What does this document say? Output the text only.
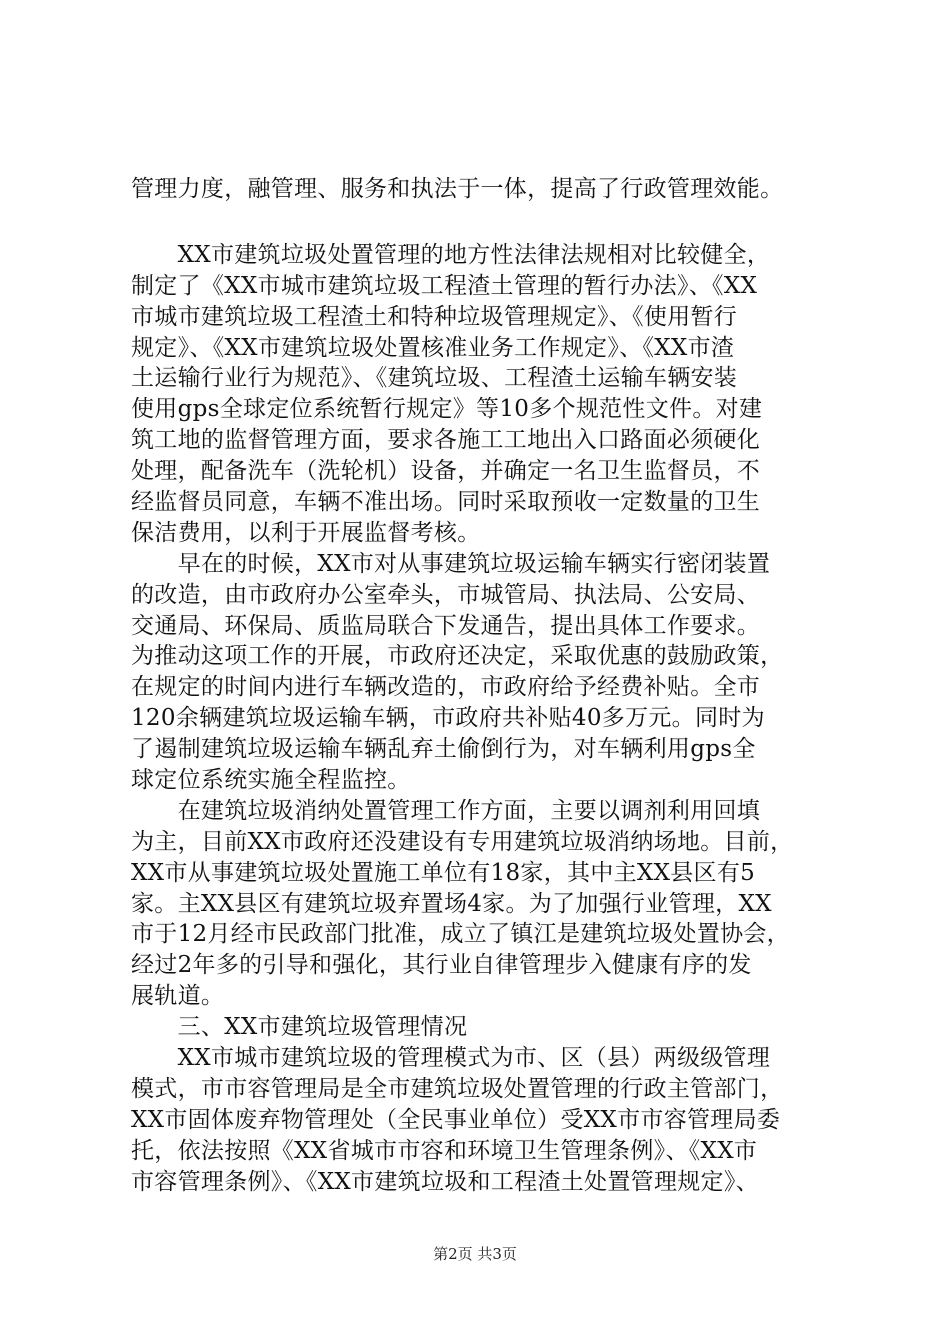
管理力度，融管理、服务和执法于一体，提高了行政管理效能。

　　XX市建筑垃圾处置管理的地方性法律法规相对比较健全，
制定了《XX市城市建筑垃圾工程渣土管理的暂行办法》、《XX
市城市建筑垃圾工程渣土和特种垃圾管理规定》、《使用暂行
规定》、《XX市建筑垃圾处置核准业务工作规定》、《XX市渣
土运输行业行为规范》、《建筑垃圾、工程渣土运输车辆安装
使用gps全球定位系统暂行规定》等10多个规范性文件。对建
筑工地的监督管理方面，要求各施工工地出入口路面必须硬化
处理，配备洗车（洗轮机）设备，并确定一名卫生监督员，不
经监督员同意，车辆不准出场。同时采取预收一定数量的卫生
保洁费用，以利于开展监督考核。

　　早在的时候，XX市对从事建筑垃圾运输车辆实行密闭装置
的改造，由市政府办公室牵头，市城管局、执法局、公安局、
交通局、环保局、质监局联合下发通告，提出具体工作要求。
为推动这项工作的开展，市政府还决定，采取优惠的鼓励政策，
在规定的时间内进行车辆改造的，市政府给予经费补贴。全市
120余辆建筑垃圾运输车辆，市政府共补贴40多万元。同时为
了遏制建筑垃圾运输车辆乱弃土偷倒行为，对车辆利用gps全
球定位系统实施全程监控。

　　在建筑垃圾消纳处置管理工作方面，主要以调剂利用回填
为主，目前XX市政府还没建设有专用建筑垃圾消纳场地。目前，
XX市从事建筑垃圾处置施工单位有18家，其中主XX县区有5
家。主XX县区有建筑垃圾弃置场4家。为了加强行业管理，XX
市于12月经市民政部门批准，成立了镇江是建筑垃圾处置协会，
经过2年多的引导和强化，其行业自律管理步入健康有序的发
展轨道。

　　三、XX市建筑垃圾管理情况

　　XX市城市建筑垃圾的管理模式为市、区（县）两级级管理
模式，市市容管理局是全市建筑垃圾处置管理的行政主管部门，
XX市固体废弃物管理处（全民事业单位）受XX市市容管理局委
托，依法按照《XX省城市市容和环境卫生管理条例》、《XX市
市容管理条例》、《XX市建筑垃圾和工程渣土处置管理规定》、

第2页 共3页
